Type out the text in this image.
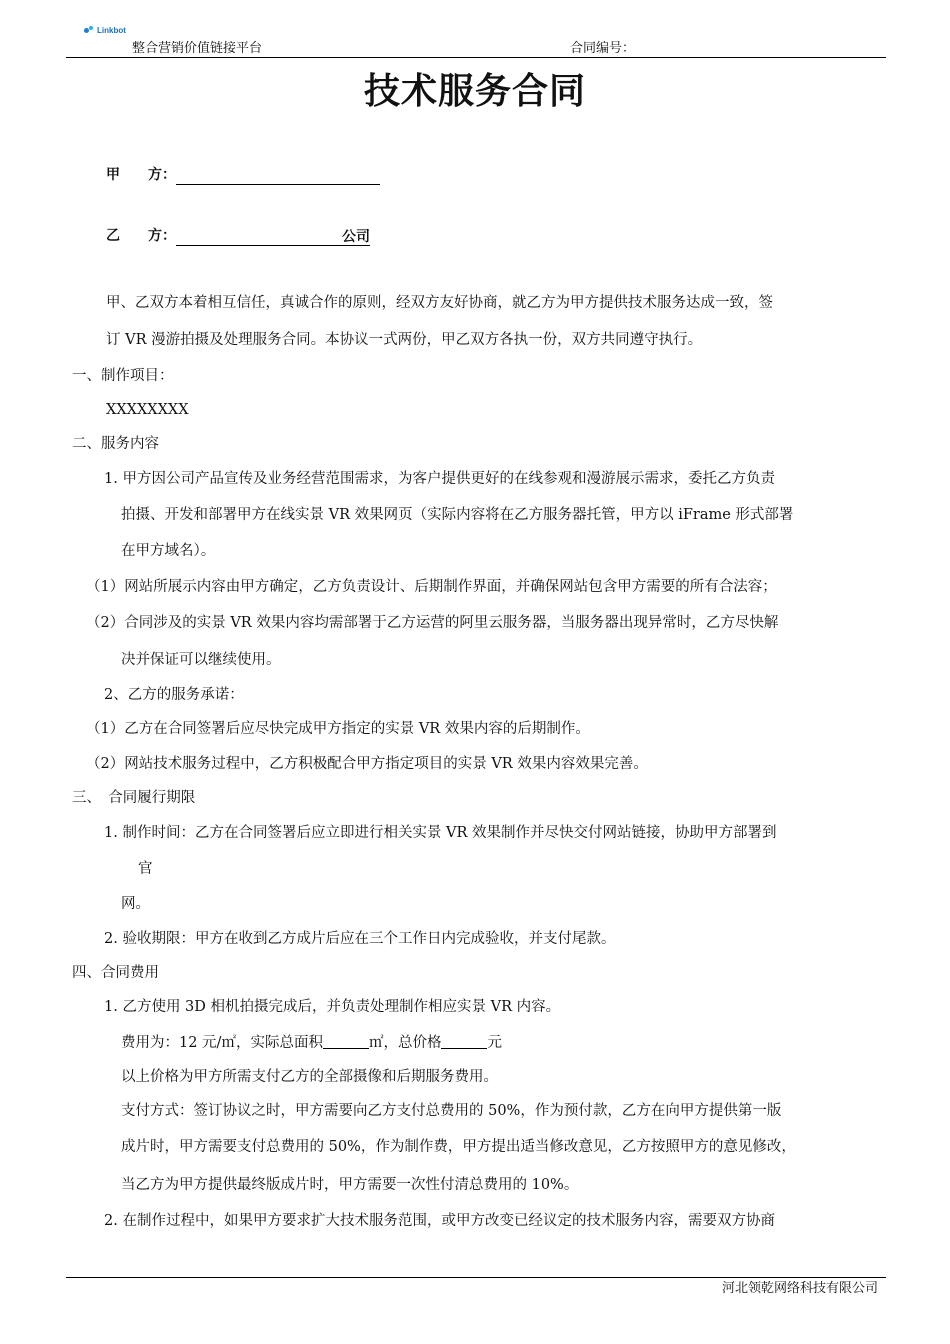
Linkbot
整合营销价值链接平台	合同编号：
技术服务合同
甲　　方：
乙　　方：	公司
甲、乙双方本着相互信任，真诚合作的原则，经双方友好协商，就乙方为甲方提供技术服务达成一致，签
订 VR 漫游拍摄及处理服务合同。本协议一式两份，甲乙双方各执一份，双方共同遵守执行。
一、制作项目：
XXXXXXXX
二、服务内容
1. 甲方因公司产品宣传及业务经营范围需求，为客户提供更好的在线参观和漫游展示需求，委托乙方负责
拍摄、开发和部署甲方在线实景 VR 效果网页（实际内容将在乙方服务器托管，甲方以 iFrame 形式部署
在甲方域名）。
（1）网站所展示内容由甲方确定，乙方负责设计、后期制作界面，并确保网站包含甲方需要的所有合法容；
（2）合同涉及的实景 VR 效果内容均需部署于乙方运营的阿里云服务器，当服务器出现异常时，乙方尽快解
决并保证可以继续使用。
2、乙方的服务承诺：
（1）乙方在合同签署后应尽快完成甲方指定的实景 VR 效果内容的后期制作。
（2）网站技术服务过程中，乙方积极配合甲方指定项目的实景 VR 效果内容效果完善。
三、　合同履行期限
1. 制作时间：乙方在合同签署后应立即进行相关实景 VR 效果制作并尽快交付网站链接，协助甲方部署到
官
网。
2. 验收期限：甲方在收到乙方成片后应在三个工作日内完成验收，并支付尾款。
四、合同费用
1. 乙方使用 3D 相机拍摄完成后，并负责处理制作相应实景 VR 内容。
费用为：12 元/㎡，实际总面积	㎡，总价格	元
以上价格为甲方所需支付乙方的全部摄像和后期服务费用。
支付方式：签订协议之时，甲方需要向乙方支付总费用的 50%，作为预付款，乙方在向甲方提供第一版
成片时，甲方需要支付总费用的 50%，作为制作费，甲方提出适当修改意见，乙方按照甲方的意见修改，
当乙方为甲方提供最终版成片时，甲方需要一次性付清总费用的 10%。
2. 在制作过程中，如果甲方要求扩大技术服务范围，或甲方改变已经议定的技术服务内容，需要双方协商
河北领乾网络科技有限公司
